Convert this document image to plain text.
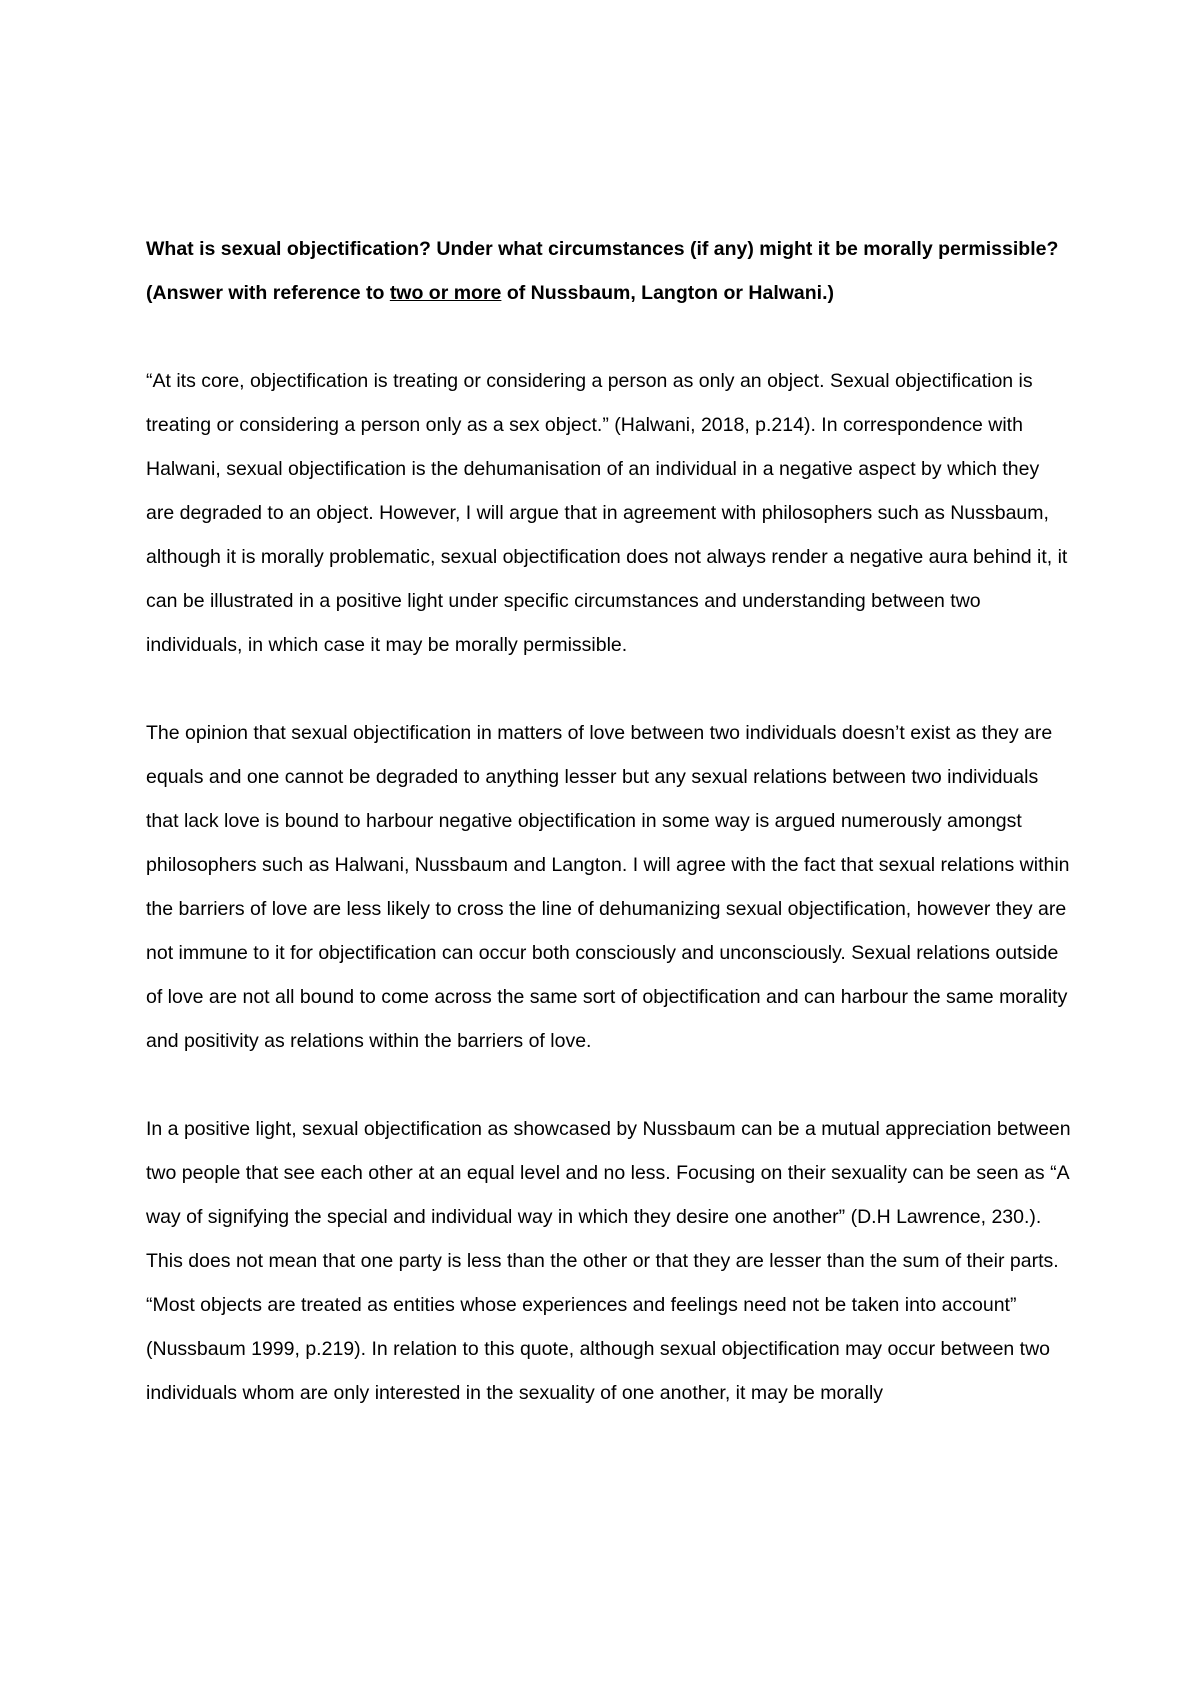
What is sexual objectification? Under what circumstances (if any) might it be morally permissible? (Answer with reference to two or more of Nussbaum, Langton or Halwani.)

“At its core, objectification is treating or considering a person as only an object. Sexual objectification is treating or considering a person only as a sex object.” (Halwani, 2018, p.214). In correspondence with Halwani, sexual objectification is the dehumanisation of an individual in a negative aspect by which they are degraded to an object. However, I will argue that in agreement with philosophers such as Nussbaum, although it is morally problematic, sexual objectification does not always render a negative aura behind it, it can be illustrated in a positive light under specific circumstances and understanding between two individuals, in which case it may be morally permissible.

The opinion that sexual objectification in matters of love between two individuals doesn’t exist as they are equals and one cannot be degraded to anything lesser but any sexual relations between two individuals that lack love is bound to harbour negative objectification in some way is argued numerously amongst philosophers such as Halwani, Nussbaum and Langton. I will agree with the fact that sexual relations within the barriers of love are less likely to cross the line of dehumanizing sexual objectification, however they are not immune to it for objectification can occur both consciously and unconsciously. Sexual relations outside of love are not all bound to come across the same sort of objectification and can harbour the same morality and positivity as relations within the barriers of love.

In a positive light, sexual objectification as showcased by Nussbaum can be a mutual appreciation between two people that see each other at an equal level and no less. Focusing on their sexuality can be seen as “A way of signifying the special and individual way in which they desire one another” (D.H Lawrence, 230.). This does not mean that one party is less than the other or that they are lesser than the sum of their parts. “Most objects are treated as entities whose experiences and feelings need not be taken into account” (Nussbaum 1999, p.219). In relation to this quote, although sexual objectification may occur between two individuals whom are only interested in the sexuality of one another, it may be morally
